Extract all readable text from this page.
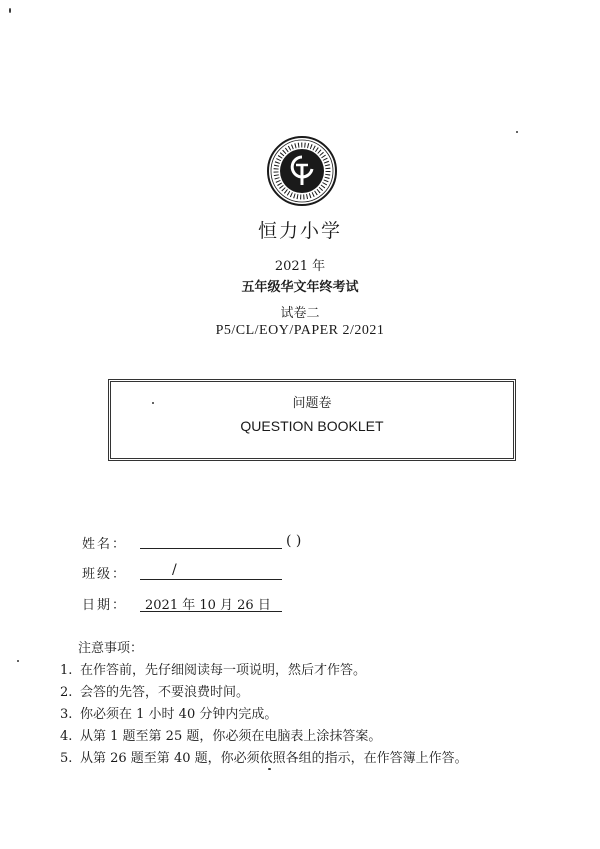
恒力小学
2021 年
五年级华文年终考试
试卷二
P5/CL/EOY/PAPER 2/2021
问题卷
QUESTION BOOKLET
姓名：	( )
班级：	/
日期： 2021 年 10 月 26 日
注意事项：
1. 在作答前，先仔细阅读每一项说明，然后才作答。
2. 会答的先答，不要浪费时间。
3. 你必须在 1 小时 40 分钟内完成。
4. 从第 1 题至第 25 题，你必须在电脑表上涂抹答案。
5. 从第 26 题至第 40 题，你必须依照各组的指示，在作答簿上作答。
